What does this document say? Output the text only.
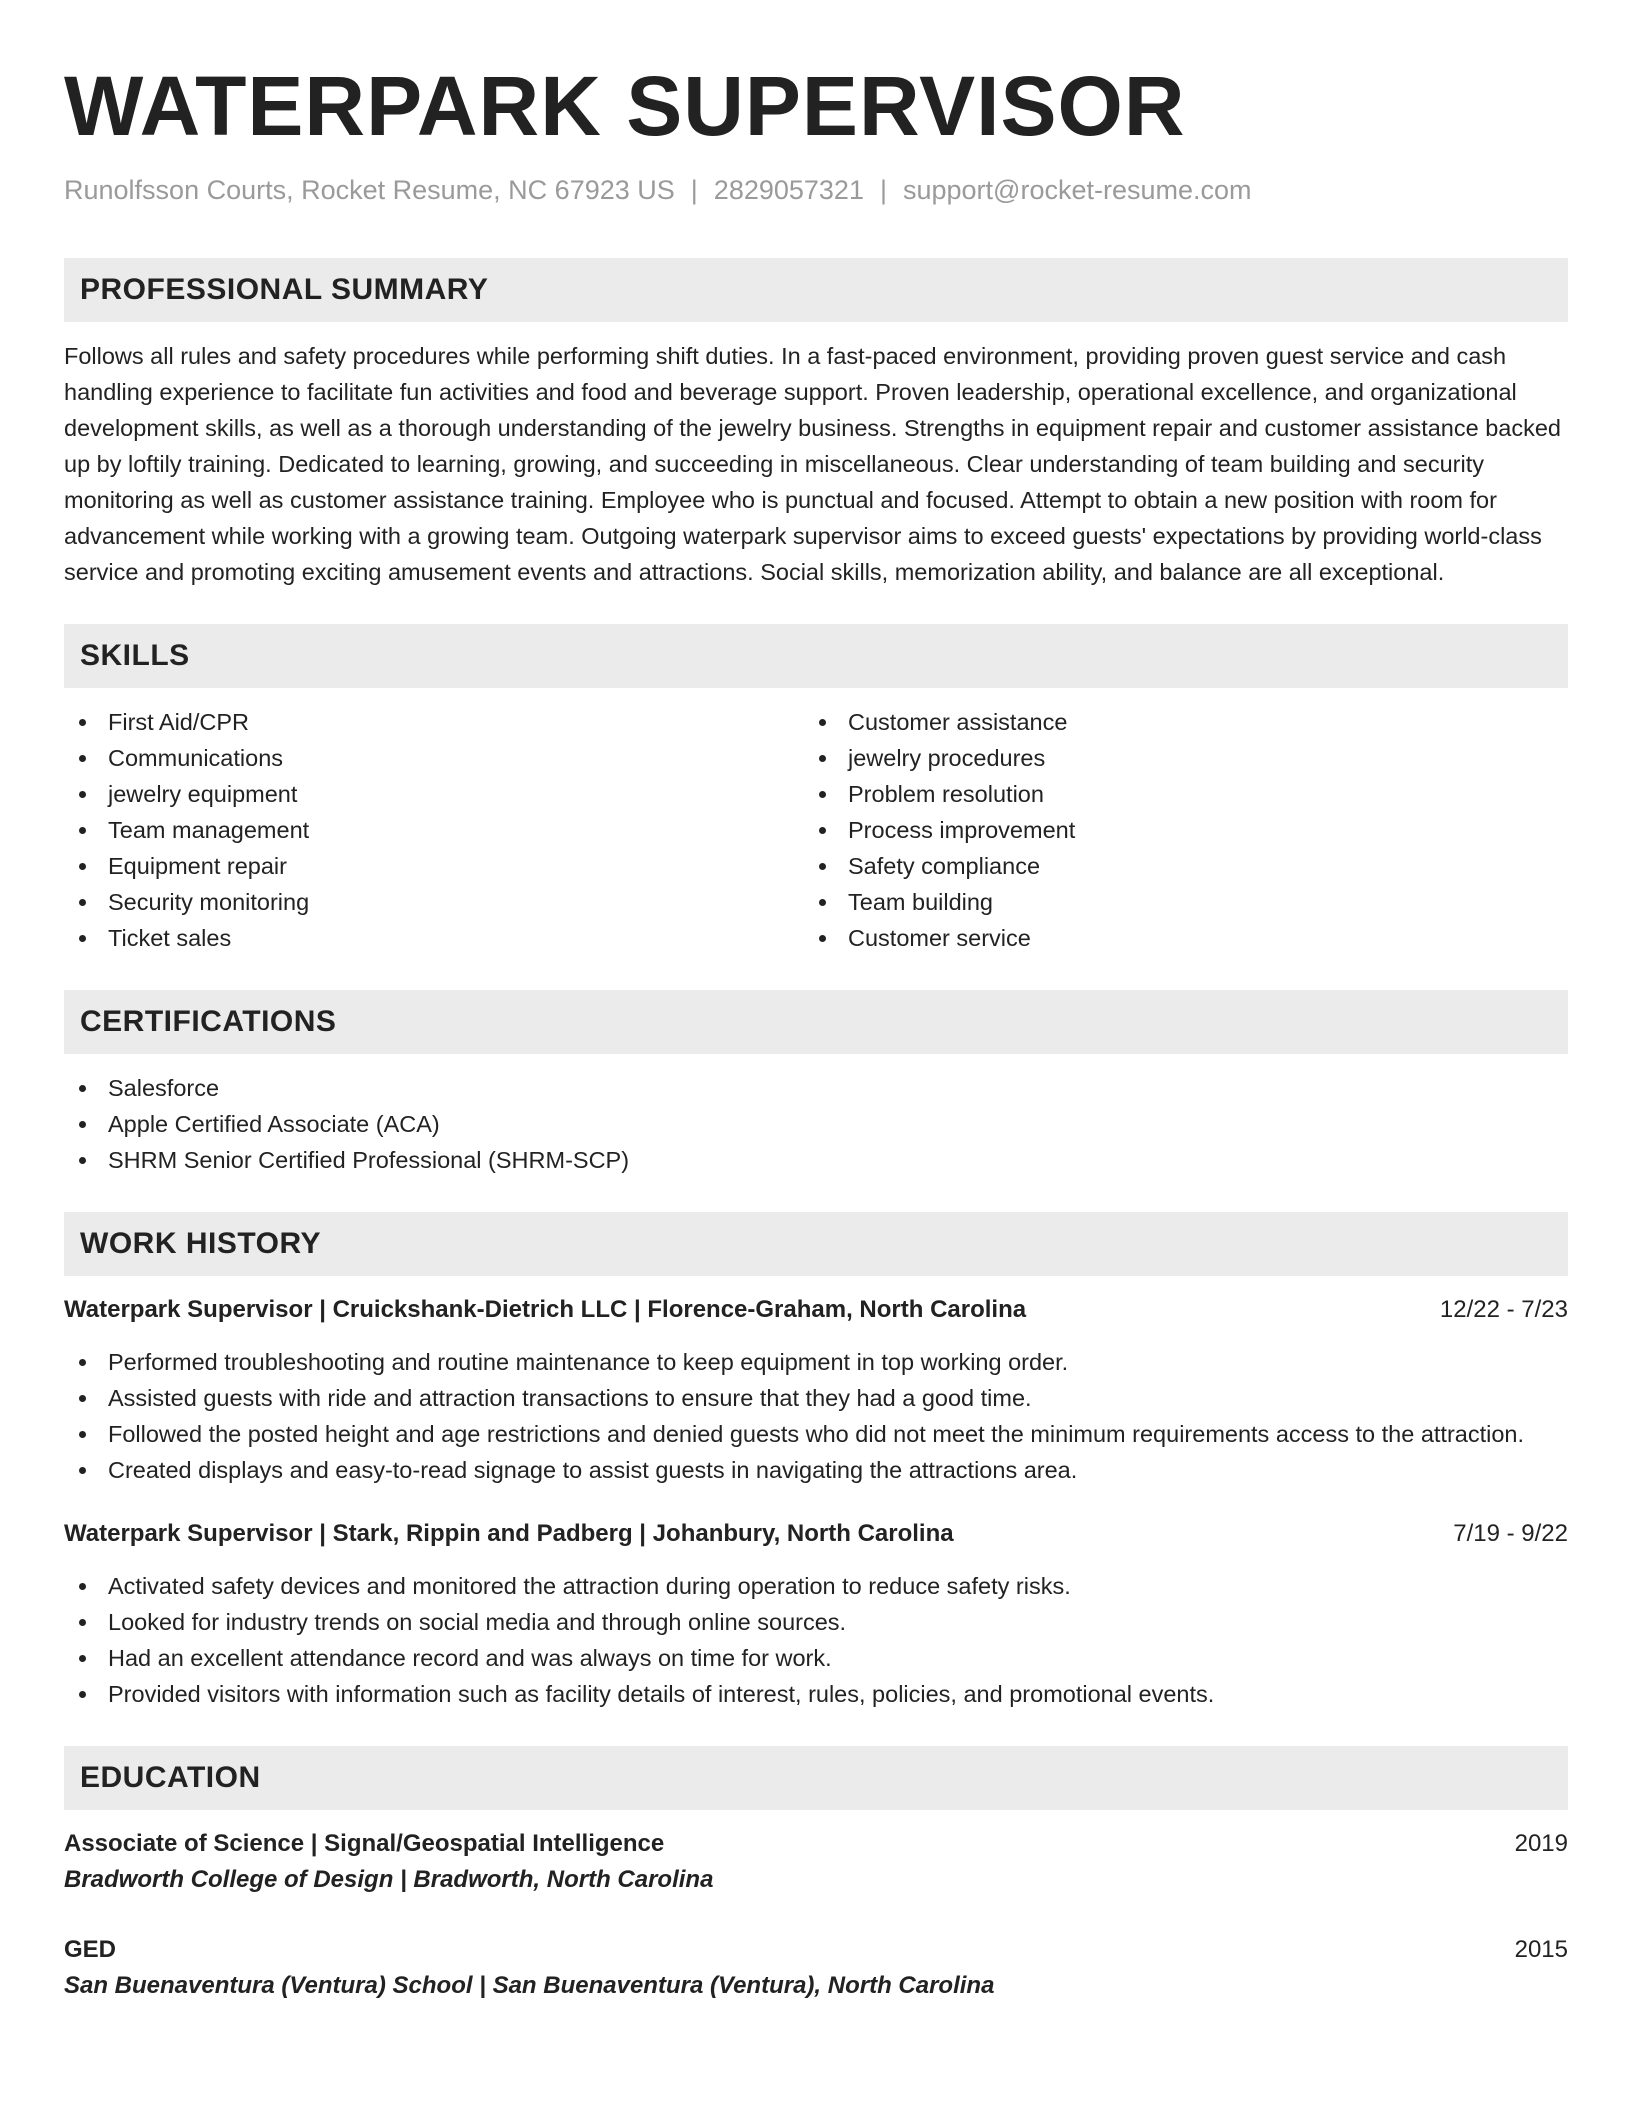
WATERPARK SUPERVISOR
Runolfsson Courts, Rocket Resume, NC 67923 US | 2829057321 | support@rocket-resume.com
PROFESSIONAL SUMMARY
Follows all rules and safety procedures while performing shift duties. In a fast-paced environment, providing proven guest service and cash handling experience to facilitate fun activities and food and beverage support. Proven leadership, operational excellence, and organizational development skills, as well as a thorough understanding of the jewelry business. Strengths in equipment repair and customer assistance backed up by loftily training. Dedicated to learning, growing, and succeeding in miscellaneous. Clear understanding of team building and security monitoring as well as customer assistance training. Employee who is punctual and focused. Attempt to obtain a new position with room for advancement while working with a growing team. Outgoing waterpark supervisor aims to exceed guests' expectations by providing world-class service and promoting exciting amusement events and attractions. Social skills, memorization ability, and balance are all exceptional.
SKILLS
First Aid/CPR
Communications
jewelry equipment
Team management
Equipment repair
Security monitoring
Ticket sales
Customer assistance
jewelry procedures
Problem resolution
Process improvement
Safety compliance
Team building
Customer service
CERTIFICATIONS
Salesforce
Apple Certified Associate (ACA)
SHRM Senior Certified Professional (SHRM-SCP)
WORK HISTORY
Waterpark Supervisor | Cruickshank-Dietrich LLC | Florence-Graham, North Carolina	12/22 - 7/23
Performed troubleshooting and routine maintenance to keep equipment in top working order.
Assisted guests with ride and attraction transactions to ensure that they had a good time.
Followed the posted height and age restrictions and denied guests who did not meet the minimum requirements access to the attraction.
Created displays and easy-to-read signage to assist guests in navigating the attractions area.
Waterpark Supervisor | Stark, Rippin and Padberg | Johanbury, North Carolina	7/19 - 9/22
Activated safety devices and monitored the attraction during operation to reduce safety risks.
Looked for industry trends on social media and through online sources.
Had an excellent attendance record and was always on time for work.
Provided visitors with information such as facility details of interest, rules, policies, and promotional events.
EDUCATION
Associate of Science | Signal/Geospatial Intelligence	2019
Bradworth College of Design | Bradworth, North Carolina
GED	2015
San Buenaventura (Ventura) School | San Buenaventura (Ventura), North Carolina
